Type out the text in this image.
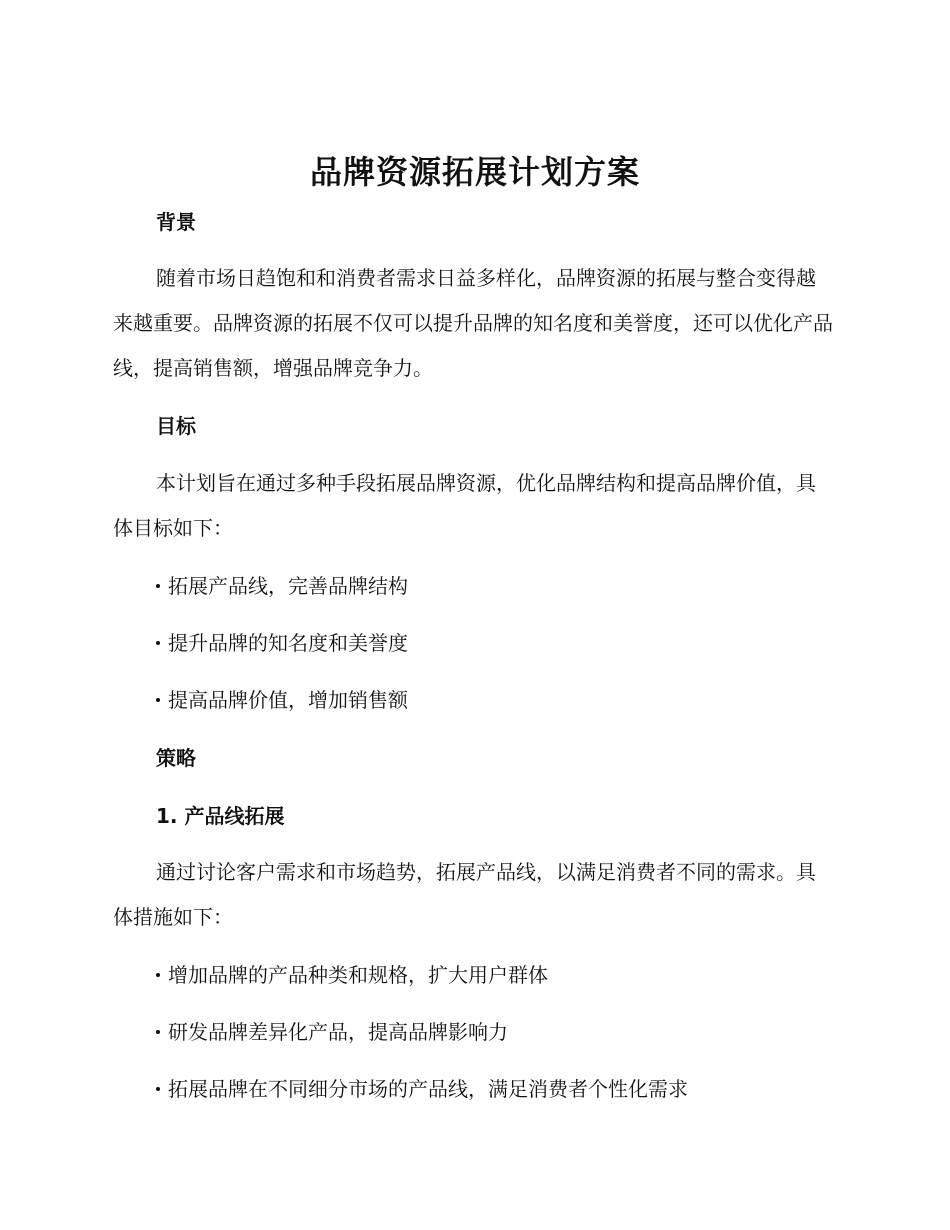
品牌资源拓展计划方案
背景
随着市场日趋饱和和消费者需求日益多样化，品牌资源的拓展与整合变得越来越重要。品牌资源的拓展不仅可以提升品牌的知名度和美誉度，还可以优化产品线，提高销售额，增强品牌竞争力。
目标
本计划旨在通过多种手段拓展品牌资源，优化品牌结构和提高品牌价值，具体目标如下：
拓展产品线，完善品牌结构
提升品牌的知名度和美誉度
提高品牌价值，增加销售额
策略
1. 产品线拓展
通过讨论客户需求和市场趋势，拓展产品线，以满足消费者不同的需求。具体措施如下：
增加品牌的产品种类和规格，扩大用户群体
研发品牌差异化产品，提高品牌影响力
拓展品牌在不同细分市场的产品线，满足消费者个性化需求
